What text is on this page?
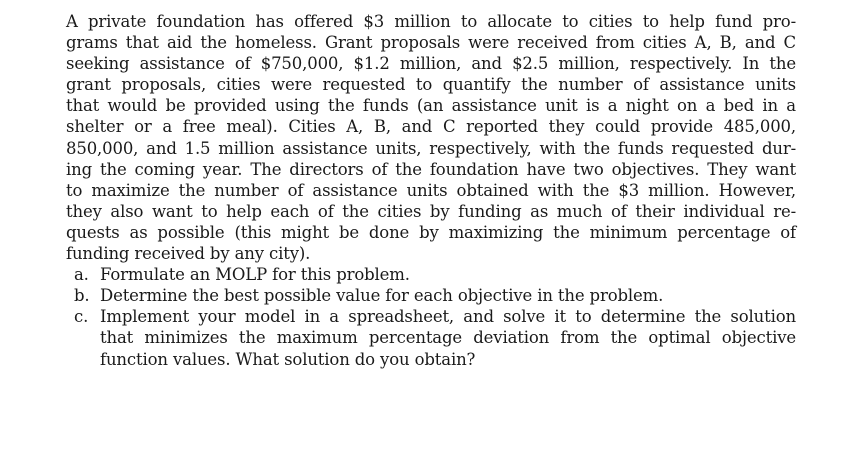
A private foundation has offered $3 million to allocate to cities to help fund pro-
grams that aid the homeless. Grant proposals were received from cities A, B, and C
seeking assistance of $750,000, $1.2 million, and $2.5 million, respectively. In the
grant proposals, cities were requested to quantify the number of assistance units
that would be provided using the funds (an assistance unit is a night on a bed in a
shelter or a free meal). Cities A, B, and C reported they could provide 485,000,
850,000, and 1.5 million assistance units, respectively, with the funds requested dur-
ing the coming year. The directors of the foundation have two objectives. They want
to maximize the number of assistance units obtained with the $3 million. However,
they also want to help each of the cities by funding as much of their individual re-
quests as possible (this might be done by maximizing the minimum percentage of
funding received by any city).
a. Formulate an MOLP for this problem.
b. Determine the best possible value for each objective in the problem.
c. Implement your model in a spreadsheet, and solve it to determine the solution
that minimizes the maximum percentage deviation from the optimal objective
function values. What solution do you obtain?
